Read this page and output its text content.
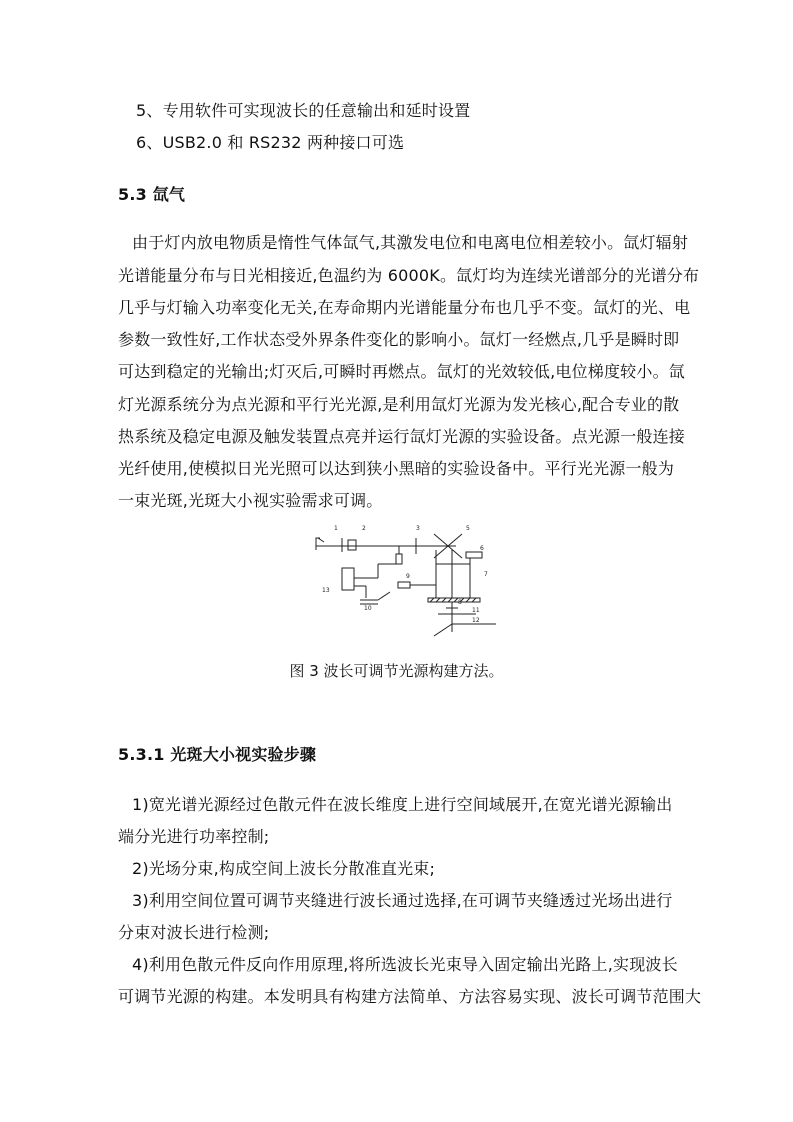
5、专用软件可实现波长的任意输出和延时设置
6、USB2.0 和 RS232 两种接口可选
5.3 氙气
由于灯内放电物质是惰性气体氙气,其激发电位和电离电位相差较小。氙灯辐射
光谱能量分布与日光相接近,色温约为 6000K。氙灯均为连续光谱部分的光谱分布
几乎与灯输入功率变化无关,在寿命期内光谱能量分布也几乎不变。氙灯的光、电
参数一致性好,工作状态受外界条件变化的影响小。氙灯一经燃点,几乎是瞬时即
可达到稳定的光输出;灯灭后,可瞬时再燃点。氙灯的光效较低,电位梯度较小。氙
灯光源系统分为点光源和平行光光源,是利用氙灯光源为发光核心,配合专业的散
热系统及稳定电源及触发装置点亮并运行氙灯光源的实验设备。点光源一般连接
光纤使用,使模拟日光光照可以达到狭小黑暗的实验设备中。平行光光源一般为
一束光斑,光斑大小视实验需求可调。
1	2	3	5
6
7
8
9
10	11
12
13
图 3 波长可调节光源构建方法。
5.3.1 光斑大小视实验步骤
1)宽光谱光源经过色散元件在波长维度上进行空间域展开,在宽光谱光源输出
端分光进行功率控制;
2)光场分束,构成空间上波长分散准直光束;
3)利用空间位置可调节夹缝进行波长通过选择,在可调节夹缝透过光场出进行
分束对波长进行检测;
4)利用色散元件反向作用原理,将所选波长光束导入固定输出光路上,实现波长
可调节光源的构建。本发明具有构建方法简单、方法容易实现、波长可调节范围大
